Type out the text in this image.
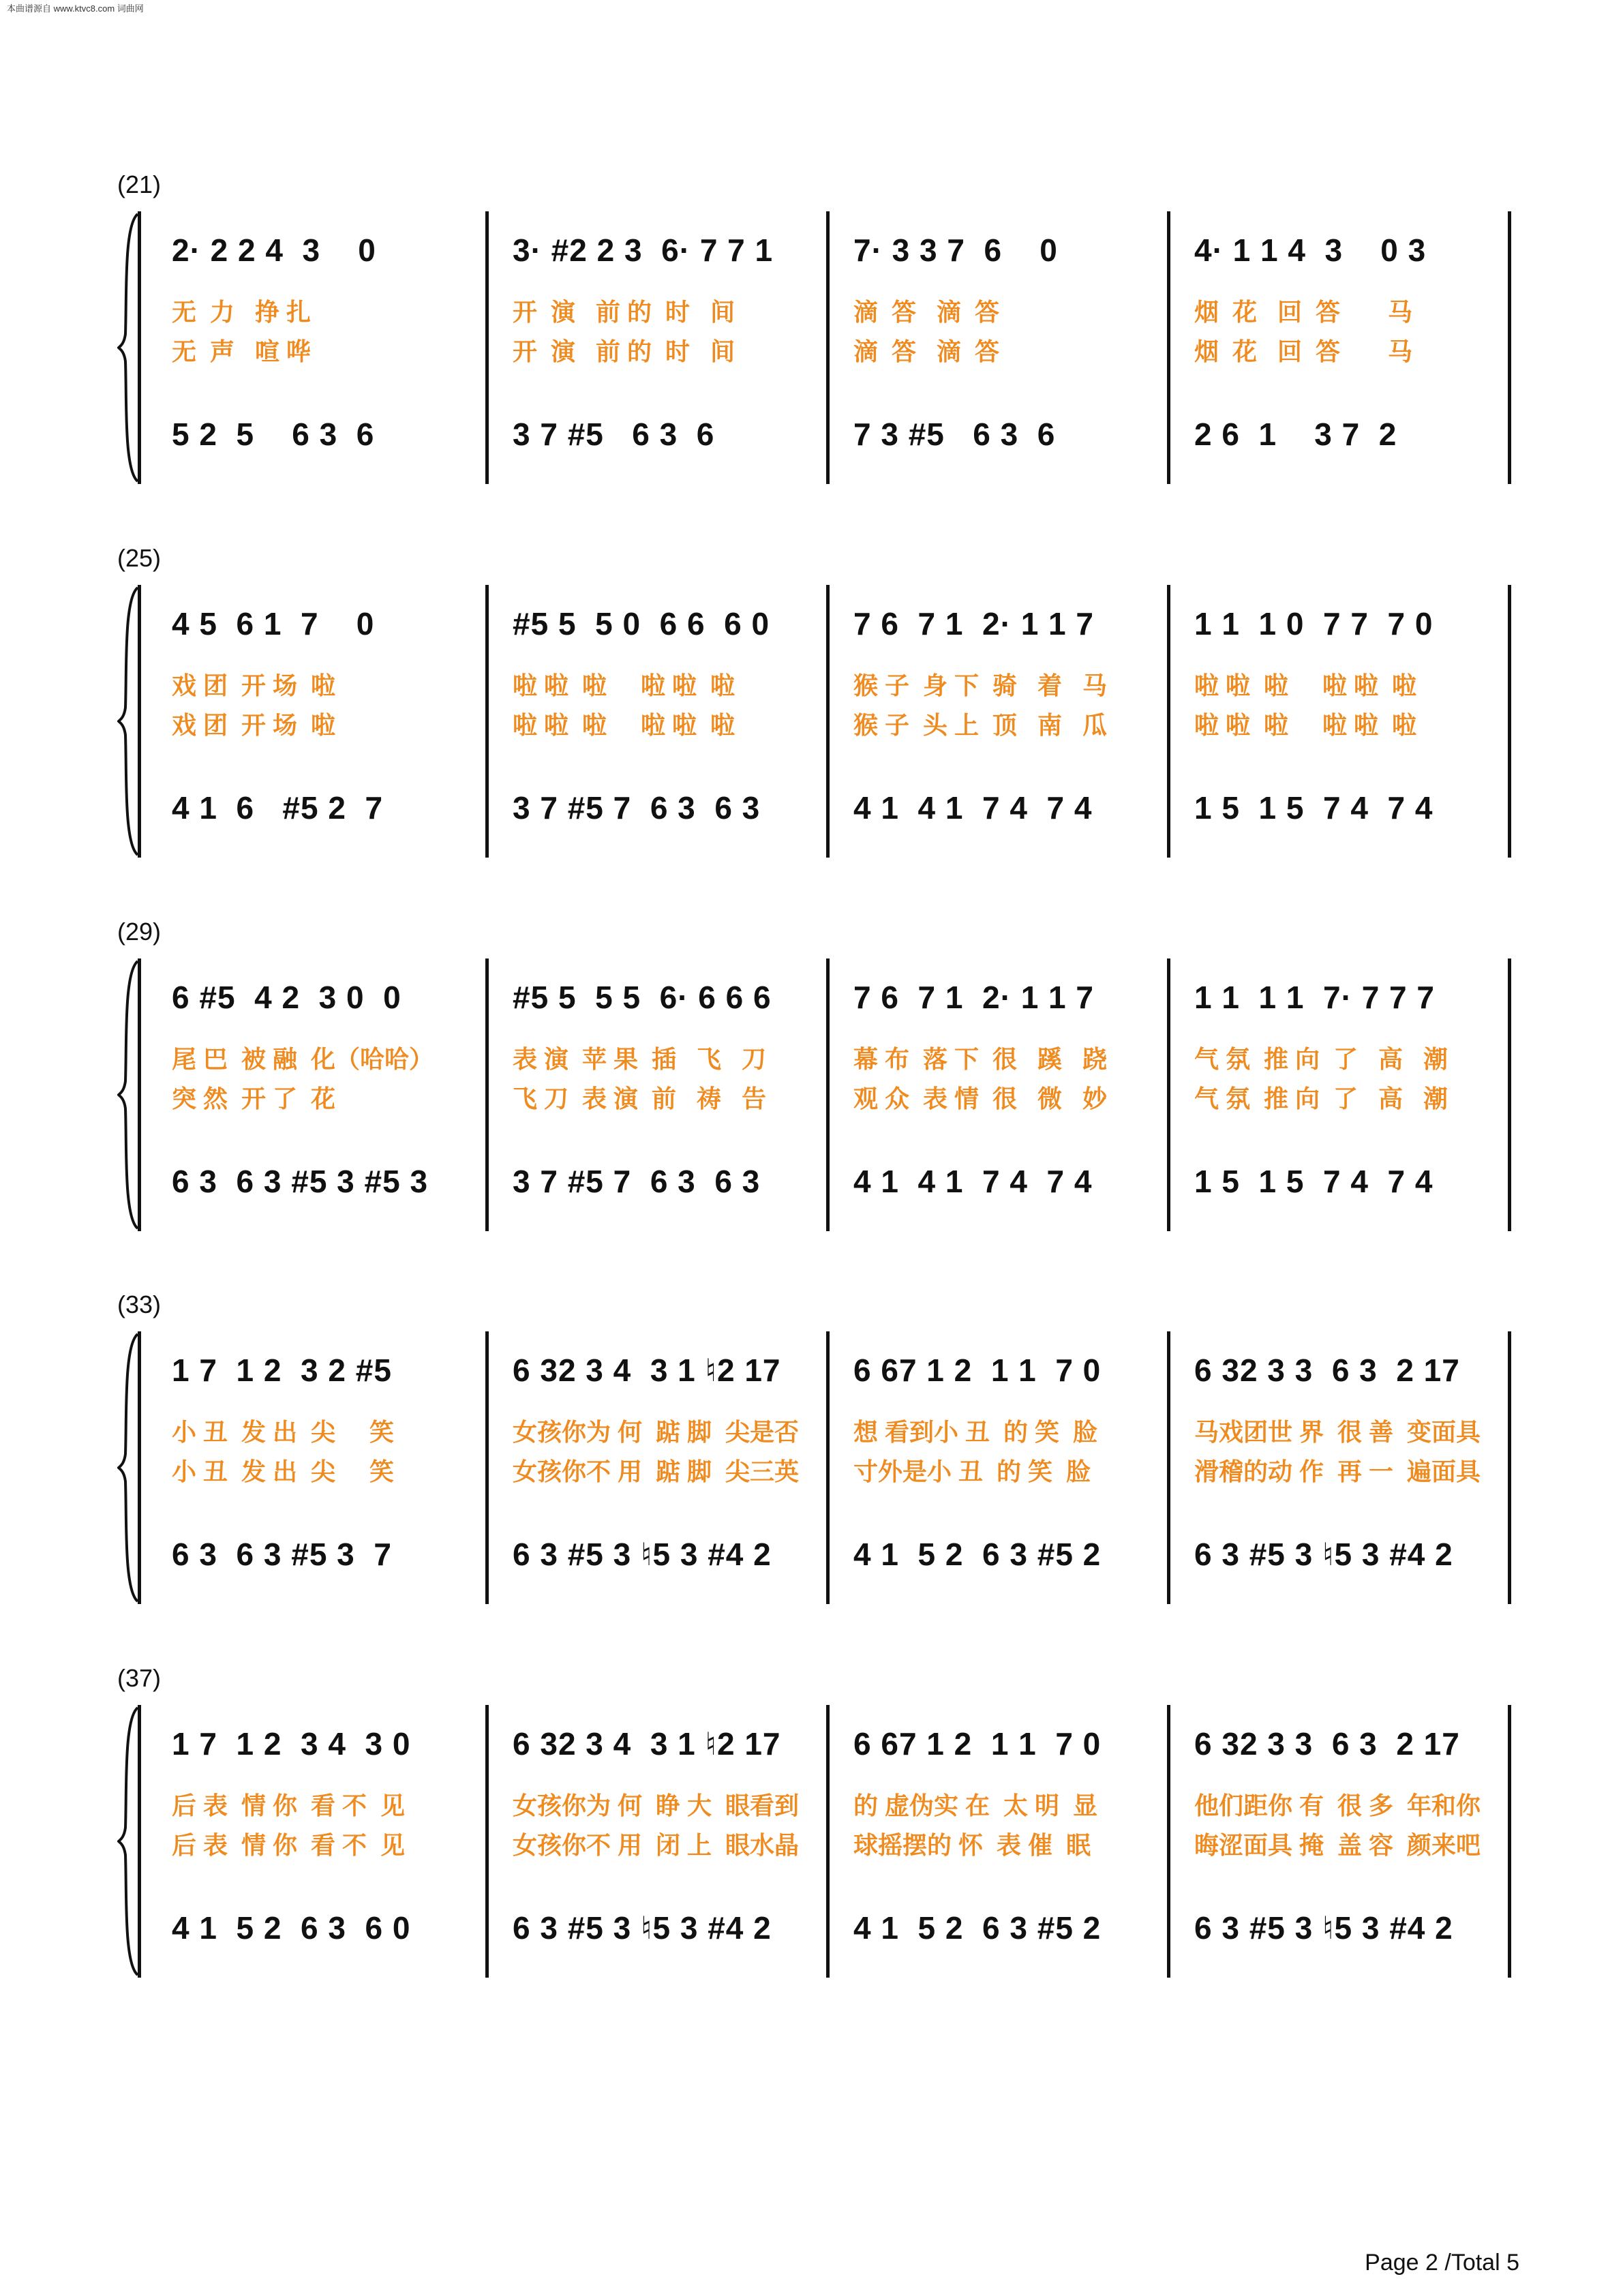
本曲谱源自 www.ktvc8.com 词曲网
(21)
2· 2 2 4  3    0
无  力   挣 扎
无  声   喧 哗
5 2  5    6 3  6
3· #2 2 3  6· 7 7 1
开  演   前 的  时   间
开  演   前 的  时   间
3 7 #5   6 3  6
7· 3 3 7  6    0
滴  答   滴  答
滴  答   滴  答
7 3 #5   6 3  6
4· 1 1 4  3    0 3
烟  花   回  答       马
烟  花   回  答       马
2 6  1    3 7  2
(25)
4 5  6 1  7    0
戏 团  开 场  啦
戏 团  开 场  啦
4 1  6   #5 2  7
#5 5  5 0  6 6  6 0
啦 啦  啦     啦 啦  啦
啦 啦  啦     啦 啦  啦
3 7 #5 7  6 3  6 3
7 6  7 1  2· 1 1 7
猴 子  身 下  骑   着   马
猴 子  头 上  顶   南   瓜
4 1  4 1  7 4  7 4
1 1  1 0  7 7  7 0
啦 啦  啦     啦 啦  啦
啦 啦  啦     啦 啦  啦
1 5  1 5  7 4  7 4
(29)
6 #5  4 2  3 0  0
尾 巴  被 融  化（哈哈）
突 然  开 了  花
6 3  6 3 #5 3 #5 3
#5 5  5 5  6· 6 6 6
表 演  苹 果  插   飞   刀
飞 刀  表 演  前   祷   告
3 7 #5 7  6 3  6 3
7 6  7 1  2· 1 1 7
幕 布  落 下  很   蹊   跷
观 众  表 情  很   微   妙
4 1  4 1  7 4  7 4
1 1  1 1  7· 7 7 7
气 氛  推 向  了   高   潮
气 氛  推 向  了   高   潮
1 5  1 5  7 4  7 4
(33)
1 7  1 2  3 2 #5
小 丑  发 出  尖     笑
小 丑  发 出  尖     笑
6 3  6 3 #5 3  7
6 32 3 4  3 1 ♮2 17
女孩你为 何  踮 脚  尖是否
女孩你不 用  踮 脚  尖三英
6 3 #5 3 ♮5 3 #4 2
6 67 1 2  1 1  7 0
想 看到小 丑  的 笑  脸
寸外是小 丑  的 笑  脸
4 1  5 2  6 3 #5 2
6 32 3 3  6 3  2 17
马戏团世 界  很 善  变面具
滑稽的动 作  再 一  遍面具
6 3 #5 3 ♮5 3 #4 2
(37)
1 7  1 2  3 4  3 0
后 表  情 你  看 不  见
后 表  情 你  看 不  见
4 1  5 2  6 3  6 0
6 32 3 4  3 1 ♮2 17
女孩你为 何  睁 大  眼看到
女孩你不 用  闭 上  眼水晶
6 3 #5 3 ♮5 3 #4 2
6 67 1 2  1 1  7 0
的 虚伪实 在  太 明  显
球摇摆的 怀  表 催  眠
4 1  5 2  6 3 #5 2
6 32 3 3  6 3  2 17
他们距你 有  很 多  年和你
晦涩面具 掩  盖 容  颜来吧
6 3 #5 3 ♮5 3 #4 2
Page 2 /Total 5
